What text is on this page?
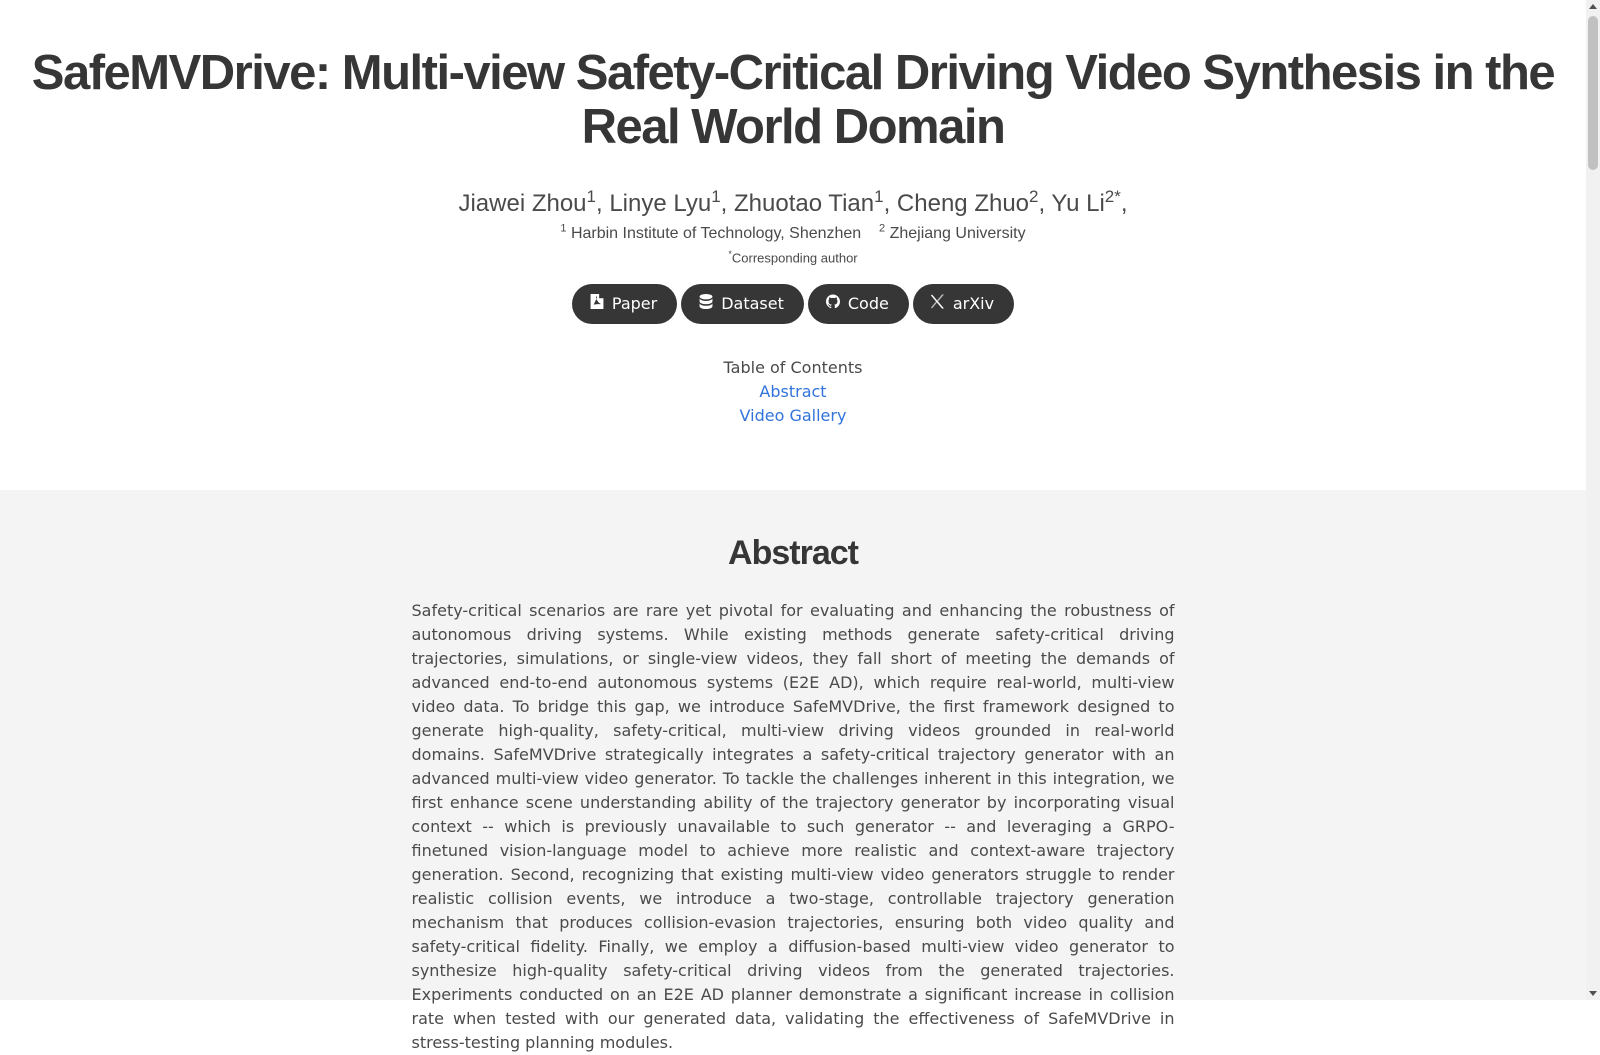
SafeMVDrive: Multi-view Safety-Critical Driving Video Synthesis in the Real World Domain
Jiawei Zhou$^1$, Linye Lyu$^1$, Zhuotao Tian$^1$, Cheng Zhuo$^2$, Yu $Li^{2*}$,
$^1$ Harbin Institute of Technology, Shenzhen $^2$ Zhejiang University
*Corresponding author
Paper	Dataset	Code	arXiv
Table of Contents
Abstract
Video Gallery
Abstract

Safety-critical scenarios are rare yet pivotal for evaluating and enhancing the robustness of autonomous driving systems. While existing methods generate safety-critical driving trajectories, simulations, or single-view videos, they fall short of meeting the demands of advanced end-to-end autonomous systems (E2E AD), which require real-world, multi-view video data. To bridge this gap, we introduce SafeMVDrive, the first framework designed to generate high-quality, safety-critical, multi-view driving videos grounded in real-world domains. SafeMVDrive strategically integrates a safety-critical trajectory generator with an advanced multi-view video generator. To tackle the challenges inherent in this integration, we first enhance scene understanding ability of the trajectory generator by incorporating visual context -- which is previously unavailable to such generator -- and leveraging a GRPO-finetuned vision-language model to achieve more realistic and context-aware trajectory generation. Second, recognizing that existing multi-view video generators struggle to render realistic collision events, we introduce a two-stage, controllable trajectory generation mechanism that produces collision-evasion trajectories, ensuring both video quality and safety-critical fidelity. Finally, we employ a diffusion-based multi-view video generator to synthesize high-quality safety-critical driving videos from the generated trajectories. Experiments conducted on an E2E AD planner demonstrate a significant increase in collision rate when tested with our generated data, validating the effectiveness of SafeMVDrive in stress-testing planning modules.
